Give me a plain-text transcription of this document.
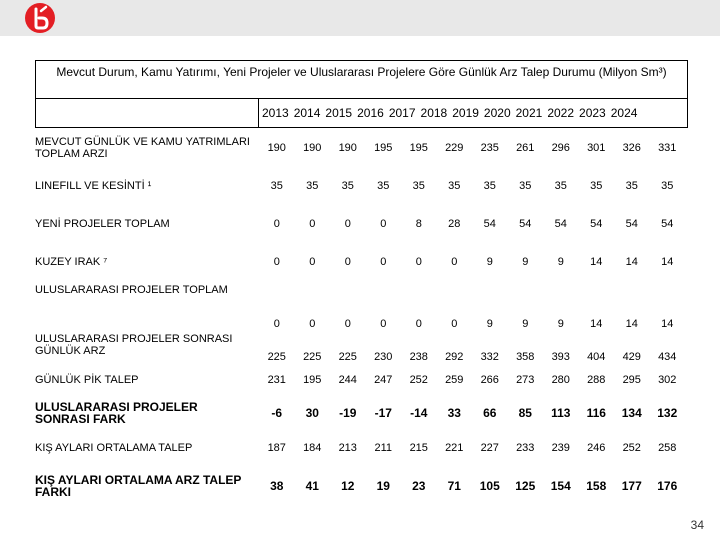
Mevcut Durum, Kamu Yatırımı, Yeni Projeler ve Uluslararası Projelere Göre Günlük Arz Talep Durumu (Milyon Sm³)
2013 2014 2015 2016 2017 2018 2019 2020 2021 2022 2023 2024
MEVCUT GÜNLÜK VE KAMU YATRIMLARI TOPLAM ARZI	190	190	190	195	195	229	235	261	296	301	326	331
LINEFILL VE KESİNTİ ¹	35	35	35	35	35	35	35	35	35	35	35	35
YENİ PROJELER TOPLAM	0	0	0	0	8	28	54	54	54	54	54	54
KUZEY IRAK ⁷	0	0	0	0	0	0	9	9	9	14	14	14
ULUSLARARASI PROJELER TOPLAM	0	0	0	0	0	0	9	9	9	14	14	14
ULUSLARARASI PROJELER SONRASI GÜNLÜK ARZ	225	225	225	230	238	292	332	358	393	404	429	434
GÜNLÜK PİK TALEP	231	195	244	247	252	259	266	273	280	288	295	302
ULUSLARARASI PROJELER SONRASI FARK	-6	30	-19	-17	-14	33	66	85	113	116	134	132
KIŞ AYLARI ORTALAMA TALEP	187	184	213	211	215	221	227	233	239	246	252	258
KIŞ AYLARI ORTALAMA ARZ TALEP FARKI	38	41	12	19	23	71	105	125	154	158	177	176
34
